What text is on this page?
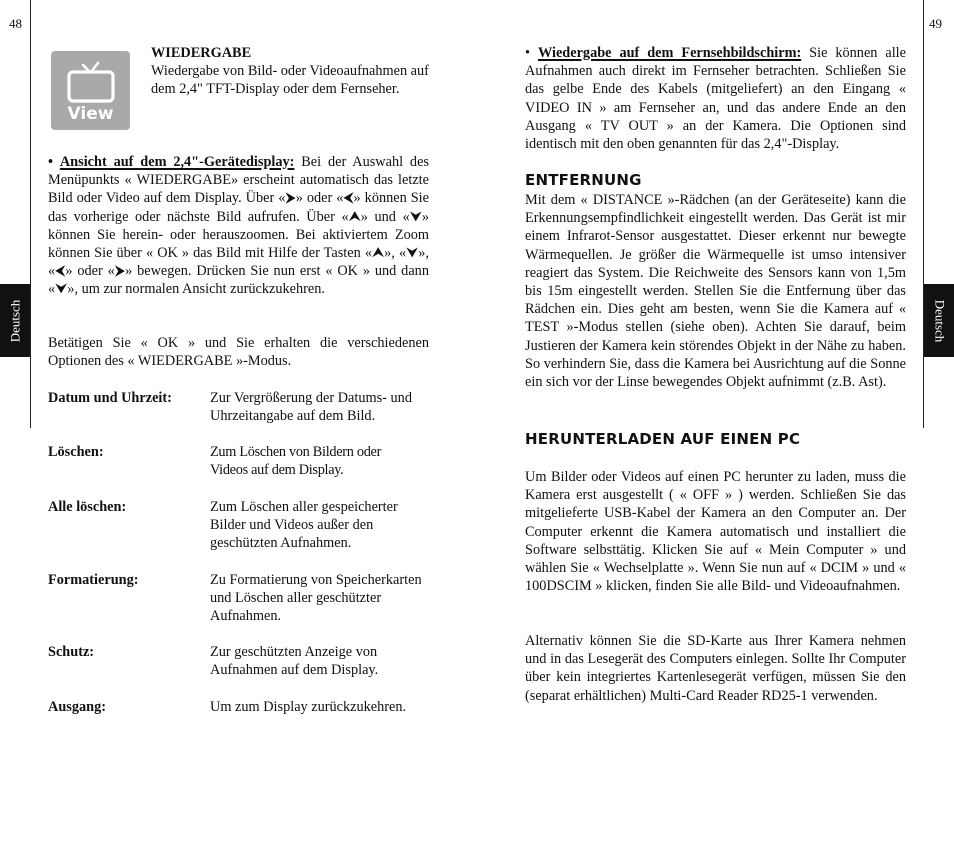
48	49
Deutsch	Deutsch
View
WIEDERGABE
Wiedergabe von Bild- oder Videoaufnahmen auf dem 2,4" TFT-Display oder dem Fernseher.
• Ansicht auf dem 2,4"-Gerätedisplay: Bei der Auswahl des Menüpunkts « WIEDERGABE» erscheint automatisch das letzte Bild oder Video auf dem Display. Über «⮞» oder «⮜» können Sie das vorherige oder nächste Bild aufrufen. Über «⮝» und «⮟» können Sie herein- oder herauszoomen. Bei aktiviertem Zoom können Sie über « OK » das Bild mit Hilfe der Tasten «⮝», «⮟», «⮜» oder «⮞» bewegen. Drücken Sie nun erst « OK » und dann «⮟», um zur normalen Ansicht zurückzukehren.
Betätigen Sie « OK » und Sie erhalten die verschiedenen Optionen des « WIEDERGABE »-Modus.
Datum und Uhrzeit:	Zur Vergrößerung der Datums- und Uhrzeitangabe auf dem Bild.
Löschen:	Zum Löschen von Bildern oder Videos auf dem Display.
Alle löschen:	Zum Löschen aller gespeicherter Bilder und Videos außer den geschützten Aufnahmen.
Formatierung:	Zu Formatierung von Speicherkarten und Löschen aller geschützter Aufnahmen.
Schutz:	Zur geschützten Anzeige von Aufnahmen auf dem Display.
Ausgang:	Um zum Display zurückzukehren.
• Wiedergabe auf dem Fernsehbildschirm: Sie können alle Aufnahmen auch direkt im Fernseher betrachten. Schließen Sie das gelbe Ende des Kabels (mitgeliefert) an den Eingang « VIDEO IN » am Fernseher an, und das andere Ende an den Ausgang « TV OUT » an der Kamera. Die Optionen sind identisch mit den oben genannten für das 2,4"-Display.
ENTFERNUNG
Mit dem « DISTANCE »-Rädchen (an der Geräteseite) kann die Erkennungsempfindlichkeit eingestellt werden. Das Gerät ist mir einem Infrarot-Sensor ausgestattet. Dieser erkennt nur bewegte Wärmequellen. Je größer die Wärmequelle ist umso intensiver reagiert das System. Die Reichweite des Sensors kann von 1,5m bis 15m eingestellt werden. Stellen Sie die Entfernung über das Rädchen ein. Dies geht am besten, wenn Sie die Kamera auf « TEST »-Modus stellen (siehe oben). Achten Sie darauf, beim Justieren der Kamera kein störendes Objekt in der Nähe zu haben. So verhindern Sie, dass die Kamera bei Ausrichtung auf die Sonne ein sich vor der Linse bewegendes Objekt aufnimmt (z.B. Ast).
HERUNTERLADEN AUF EINEN PC
Um Bilder oder Videos auf einen PC herunter zu laden, muss die Kamera erst ausgestellt ( « OFF » ) werden. Schließen Sie das mitgelieferte USB-Kabel der Kamera an den Computer an. Der Computer erkennt die Kamera automatisch und installiert die Software selbsttätig. Klicken Sie auf « Mein Computer » und wählen Sie « Wechselplatte ». Wenn Sie nun auf « DCIM » und « 100DSCIM » klicken, finden Sie alle Bild- und Videoaufnahmen.
Alternativ können Sie die SD-Karte aus Ihrer Kamera nehmen und in das Lesegerät des Computers einlegen. Sollte Ihr Computer über kein integriertes Kartenlesegerät verfügen, müssen Sie den (separat erhältlichen) Multi-Card Reader RD25-1 verwenden.
